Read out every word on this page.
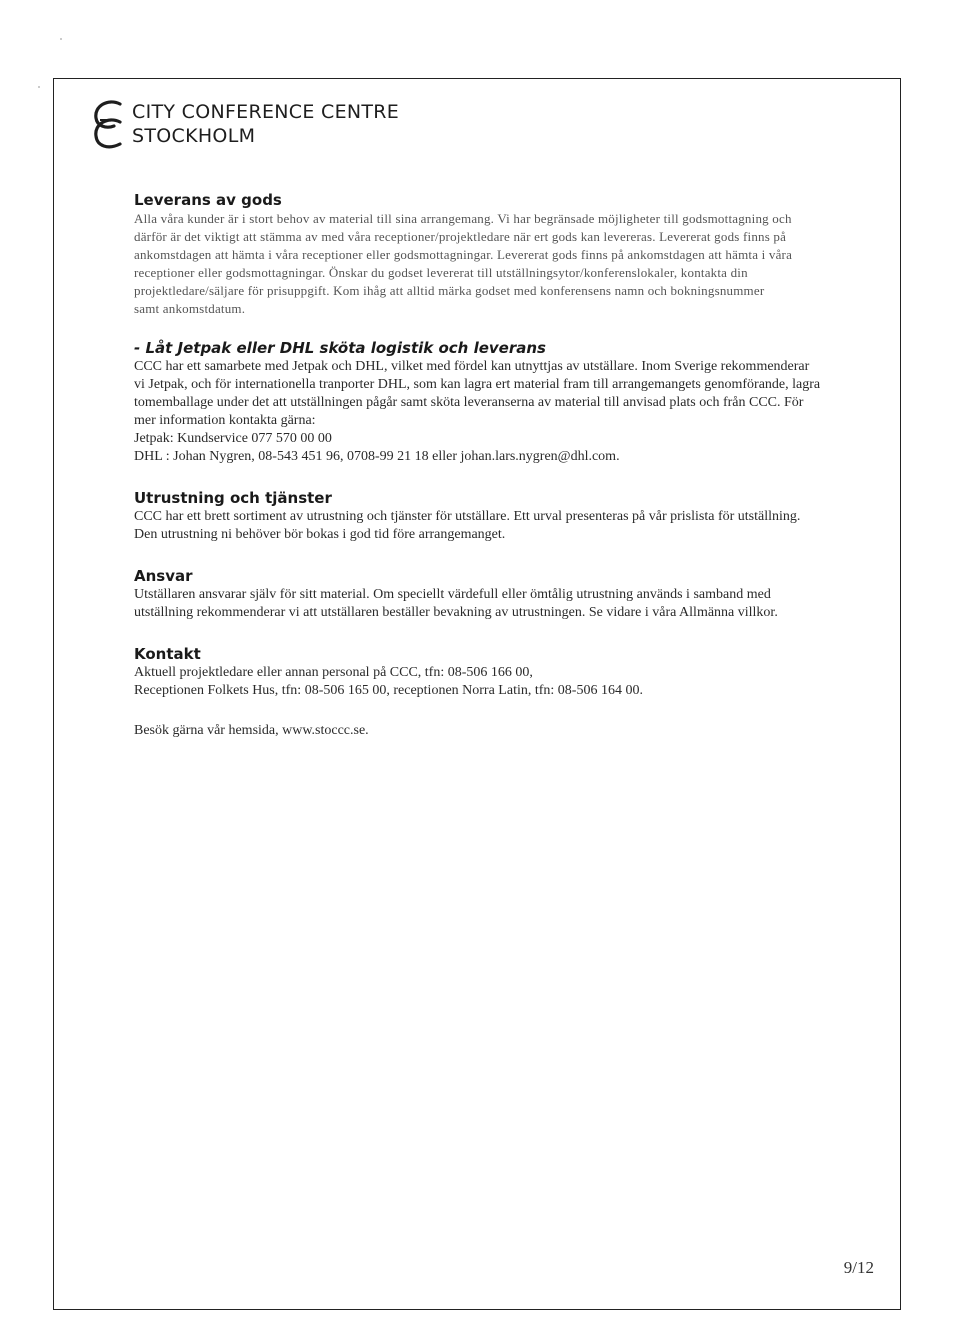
CITY CONFERENCE CENTRE
STOCKHOLM
Leverans av gods

Alla våra kunder är i stort behov av material till sina arrangemang. Vi har begränsade möjligheter till godsmottagning och
därför är det viktigt att stämma av med våra receptioner/projektledare när ert gods kan levereras. Levererat gods finns på
ankomstdagen att hämta i våra receptioner eller godsmottagningar. Levererat gods finns på ankomstdagen att hämta i våra
receptioner eller godsmottagningar. Önskar du godset levererat till utställningsytor/konferenslokaler, kontakta din
projektledare/säljare för prisuppgift. Kom ihåg att alltid märka godset med konferensens namn och bokningsnummer
samt ankomstdatum.

- Låt Jetpak eller DHL sköta logistik och leverans

CCC har ett samarbete med Jetpak och DHL, vilket med fördel kan utnyttjas av utställare. Inom Sverige rekommenderar
vi Jetpak, och för internationella tranporter DHL, som kan lagra ert material fram till arrangemangets genomförande, lagra
tomemballage under det att utställningen pågår samt sköta leveranserna av material till anvisad plats och från CCC. För
mer information kontakta gärna:
Jetpak: Kundservice 077 570 00 00
DHL : Johan Nygren, 08-543 451 96, 0708-99 21 18 eller johan.lars.nygren@dhl.com.

Utrustning och tjänster

CCC har ett brett sortiment av utrustning och tjänster för utställare. Ett urval presenteras på vår prislista för utställning.
Den utrustning ni behöver bör bokas i god tid före arrangemanget.

Ansvar

Utställaren ansvarar själv för sitt material. Om speciellt värdefull eller ömtålig utrustning används i samband med
utställning rekommenderar vi att utställaren beställer bevakning av utrustningen. Se vidare i våra Allmänna villkor.

Kontakt

Aktuell projektledare eller annan personal på CCC, tfn: 08-506 166 00,
Receptionen Folkets Hus, tfn: 08-506 165 00, receptionen Norra Latin, tfn: 08-506 164 00.

Besök gärna vår hemsida, www.stoccc.se.

9/12
